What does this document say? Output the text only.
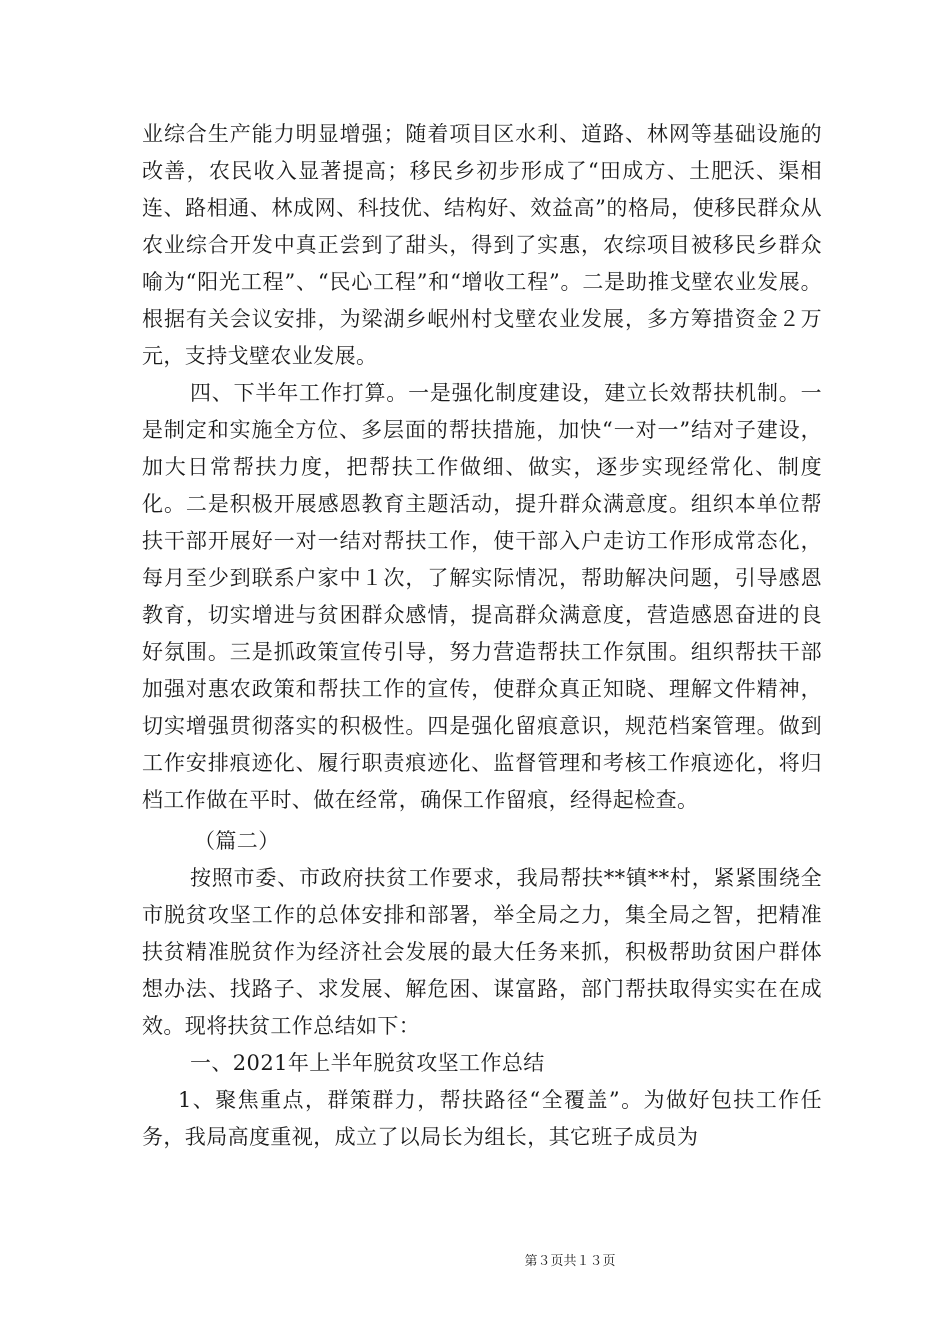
业综合生产能力明显增强；随着项目区水利、道路、林网等基础设施的改善，农民收入显著提高；移民乡初步形成了“田成方、土肥沃、渠相连、路相通、林成网、科技优、结构好、效益高”的格局，使移民群众从农业综合开发中真正尝到了甜头，得到了实惠，农综项目被移民乡群众喻为“阳光工程”、“民心工程”和“增收工程”。二是助推戈壁农业发展。根据有关会议安排，为梁湖乡岷州村戈壁农业发展，多方筹措资金２万元，支持戈壁农业发展。

四、下半年工作打算。一是强化制度建设，建立长效帮扶机制。一是制定和实施全方位、多层面的帮扶措施，加快“一对一”结对子建设，加大日常帮扶力度，把帮扶工作做细、做实，逐步实现经常化、制度化。二是积极开展感恩教育主题活动，提升群众满意度。组织本单位帮扶干部开展好一对一结对帮扶工作，使干部入户走访工作形成常态化，每月至少到联系户家中１次，了解实际情况，帮助解决问题，引导感恩教育，切实增进与贫困群众感情，提高群众满意度，营造感恩奋进的良好氛围。三是抓政策宣传引导，努力营造帮扶工作氛围。组织帮扶干部加强对惠农政策和帮扶工作的宣传，使群众真正知晓、理解文件精神，切实增强贯彻落实的积极性。四是强化留痕意识，规范档案管理。做到工作安排痕迹化、履行职责痕迹化、监督管理和考核工作痕迹化，将归档工作做在平时、做在经常，确保工作留痕，经得起检查。

（篇二）

按照市委、市政府扶贫工作要求，我局帮扶**镇**村，紧紧围绕全市脱贫攻坚工作的总体安排和部署，举全局之力，集全局之智，把精准扶贫精准脱贫作为经济社会发展的最大任务来抓，积极帮助贫困户群体想办法、找路子、求发展、解危困、谋富路，部门帮扶取得实实在在成效。现将扶贫工作总结如下：

一、2021年上半年脱贫攻坚工作总结

1、聚焦重点，群策群力，帮扶路径“全覆盖”。为做好包扶工作任务，我局高度重视，成立了以局长为组长，其它班子成员为

第３页共１３页
